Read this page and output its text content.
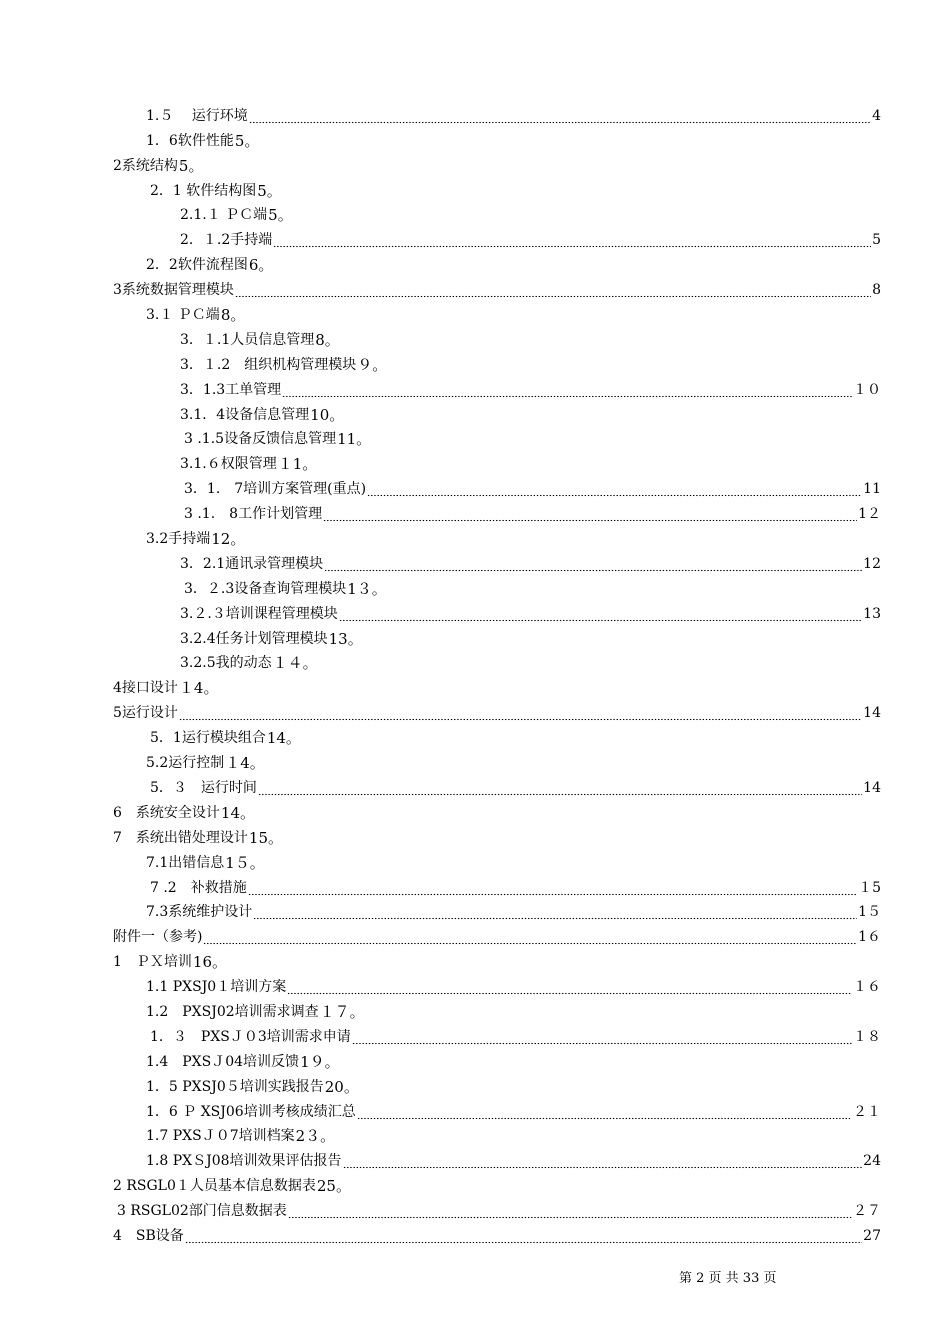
1.５　 运行环境	4
1．6软件性能 5。
2系统结构 5。
2．1 软件结构图 5。
2.1.１ ＰＣ端 5。
2．１.2手持端	5
2．2软件流程图 6。
3系统数据管理模块	8
3.１ ＰＣ端 8。
3．１.1人员信息管理 8。
3．１.2　组织机构管理模块 ９。
3．1.3工单管理	１０
3.1．4设备信息管理 10。
3 .1.5设备反馈信息管理 11。
3.1.６权限管理 １1。
3．1.　7培训方案管理(重点)	11
3 .1.　8工作计划管理	1２
3.2手持端 12。
3．2.1通讯录管理模块	12
3．２.3设备查询管理模块 1３。
3.２.３培训课程管理模块	13
3.2.4任务计划管理模块 13。
3.2.5我的动态 １４。
4接口设计 １4。
5运行设计	14
5．1运行模块组合 14。
5.2运行控制 １4。
5．３　运行时间	14
6　系统安全设计 14。
7　系统出错处理设计 15。
7.1出错信息 1５。
7 .2　补救措施	１5
7.3系统维护设计	1５
附件一（参考)	1６
1　ＰＸ培训 16。
1.1 PXSJ0１培训方案	１６
1.2　PXSJ02培训需求调查 １７。
1．３　PXSＪ０3培训需求申请	１８
1.4　PXSＪ04培训反馈 1９。
1．5 PXSJ0５培训实践报告 20。
1．6 Ｐ XSJ06培训考核成绩汇总	２１
1.7 PXSＪ０7培训档案 2３。
1.8 PXＳJ08培训效果评估报告	24
2 RSGL0１人员基本信息数据表 25。
3 RSGL02部门信息数据表	２７
4　SB设备	27
第 2 页 共 33 页
